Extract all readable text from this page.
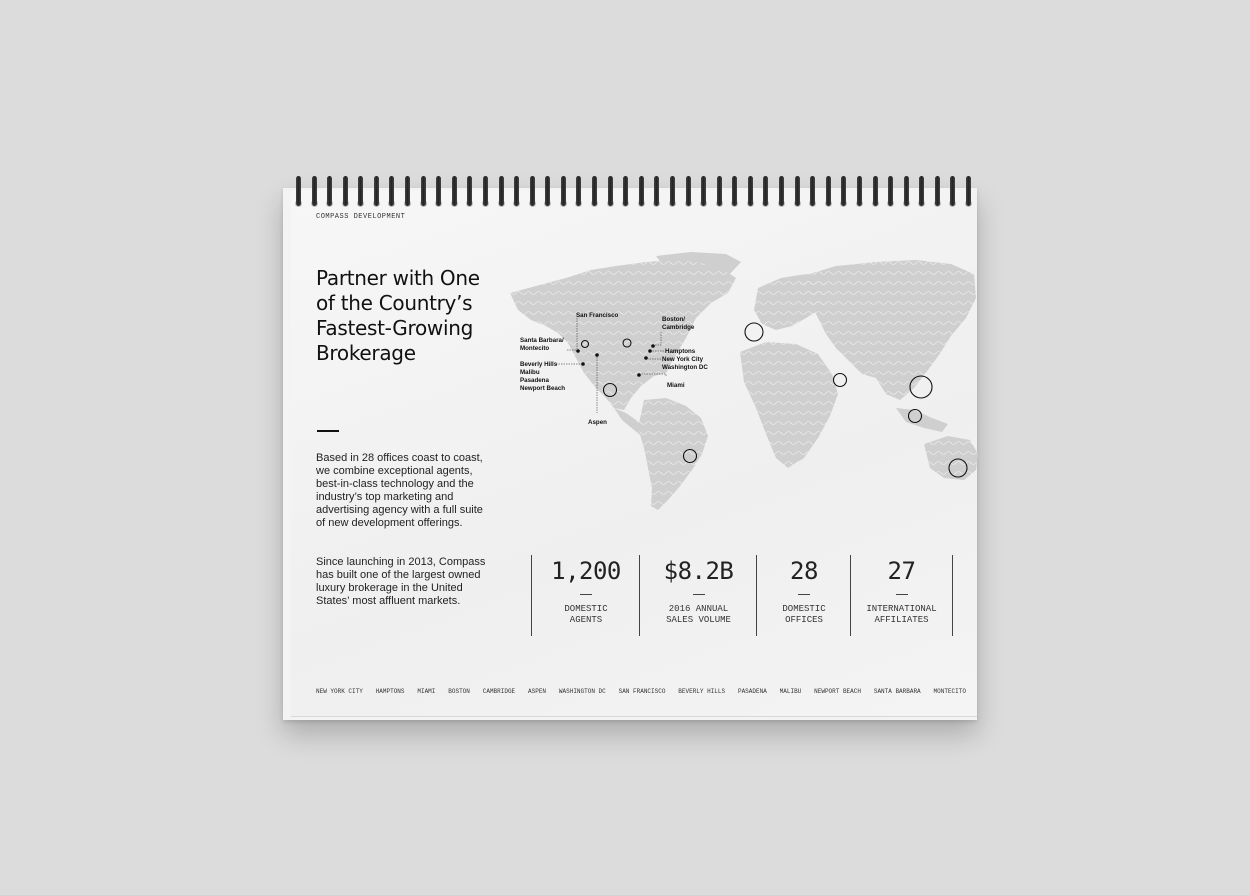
COMPASS DEVELOPMENT
Partner with One of the Country’s Fastest-Growing Brokerage

Based in 28 offices coast to coast, we combine exceptional agents, best-in-class technology and the industry’s top marketing and advertising agency with a full suite of new development offerings.

Since launching in 2013, Compass has built one of the largest owned luxury brokerage in the United States’ most affluent markets.

San Francisco
Boston/
Cambridge
Santa Barbara/
Montecito	Hamptons
New York City
Washington DC
Beverly Hills
Malibu
Pasadena
Newport Beach
Aspen
Miami
1,200
DOMESTIC
AGENTS
$8.2B
2016 ANNUAL
SALES VOLUME
28
DOMESTIC
OFFICES
27
INTERNATIONAL
AFFILIATES
NEW YORK CITY HAMPTONS MIAMI BOSTON CAMBRIDGE ASPEN WASHINGTON DC SAN FRANCISCO BEVERLY HILLS PASADENA MALIBU NEWPORT BEACH SANTA BARBARA MONTECITO
